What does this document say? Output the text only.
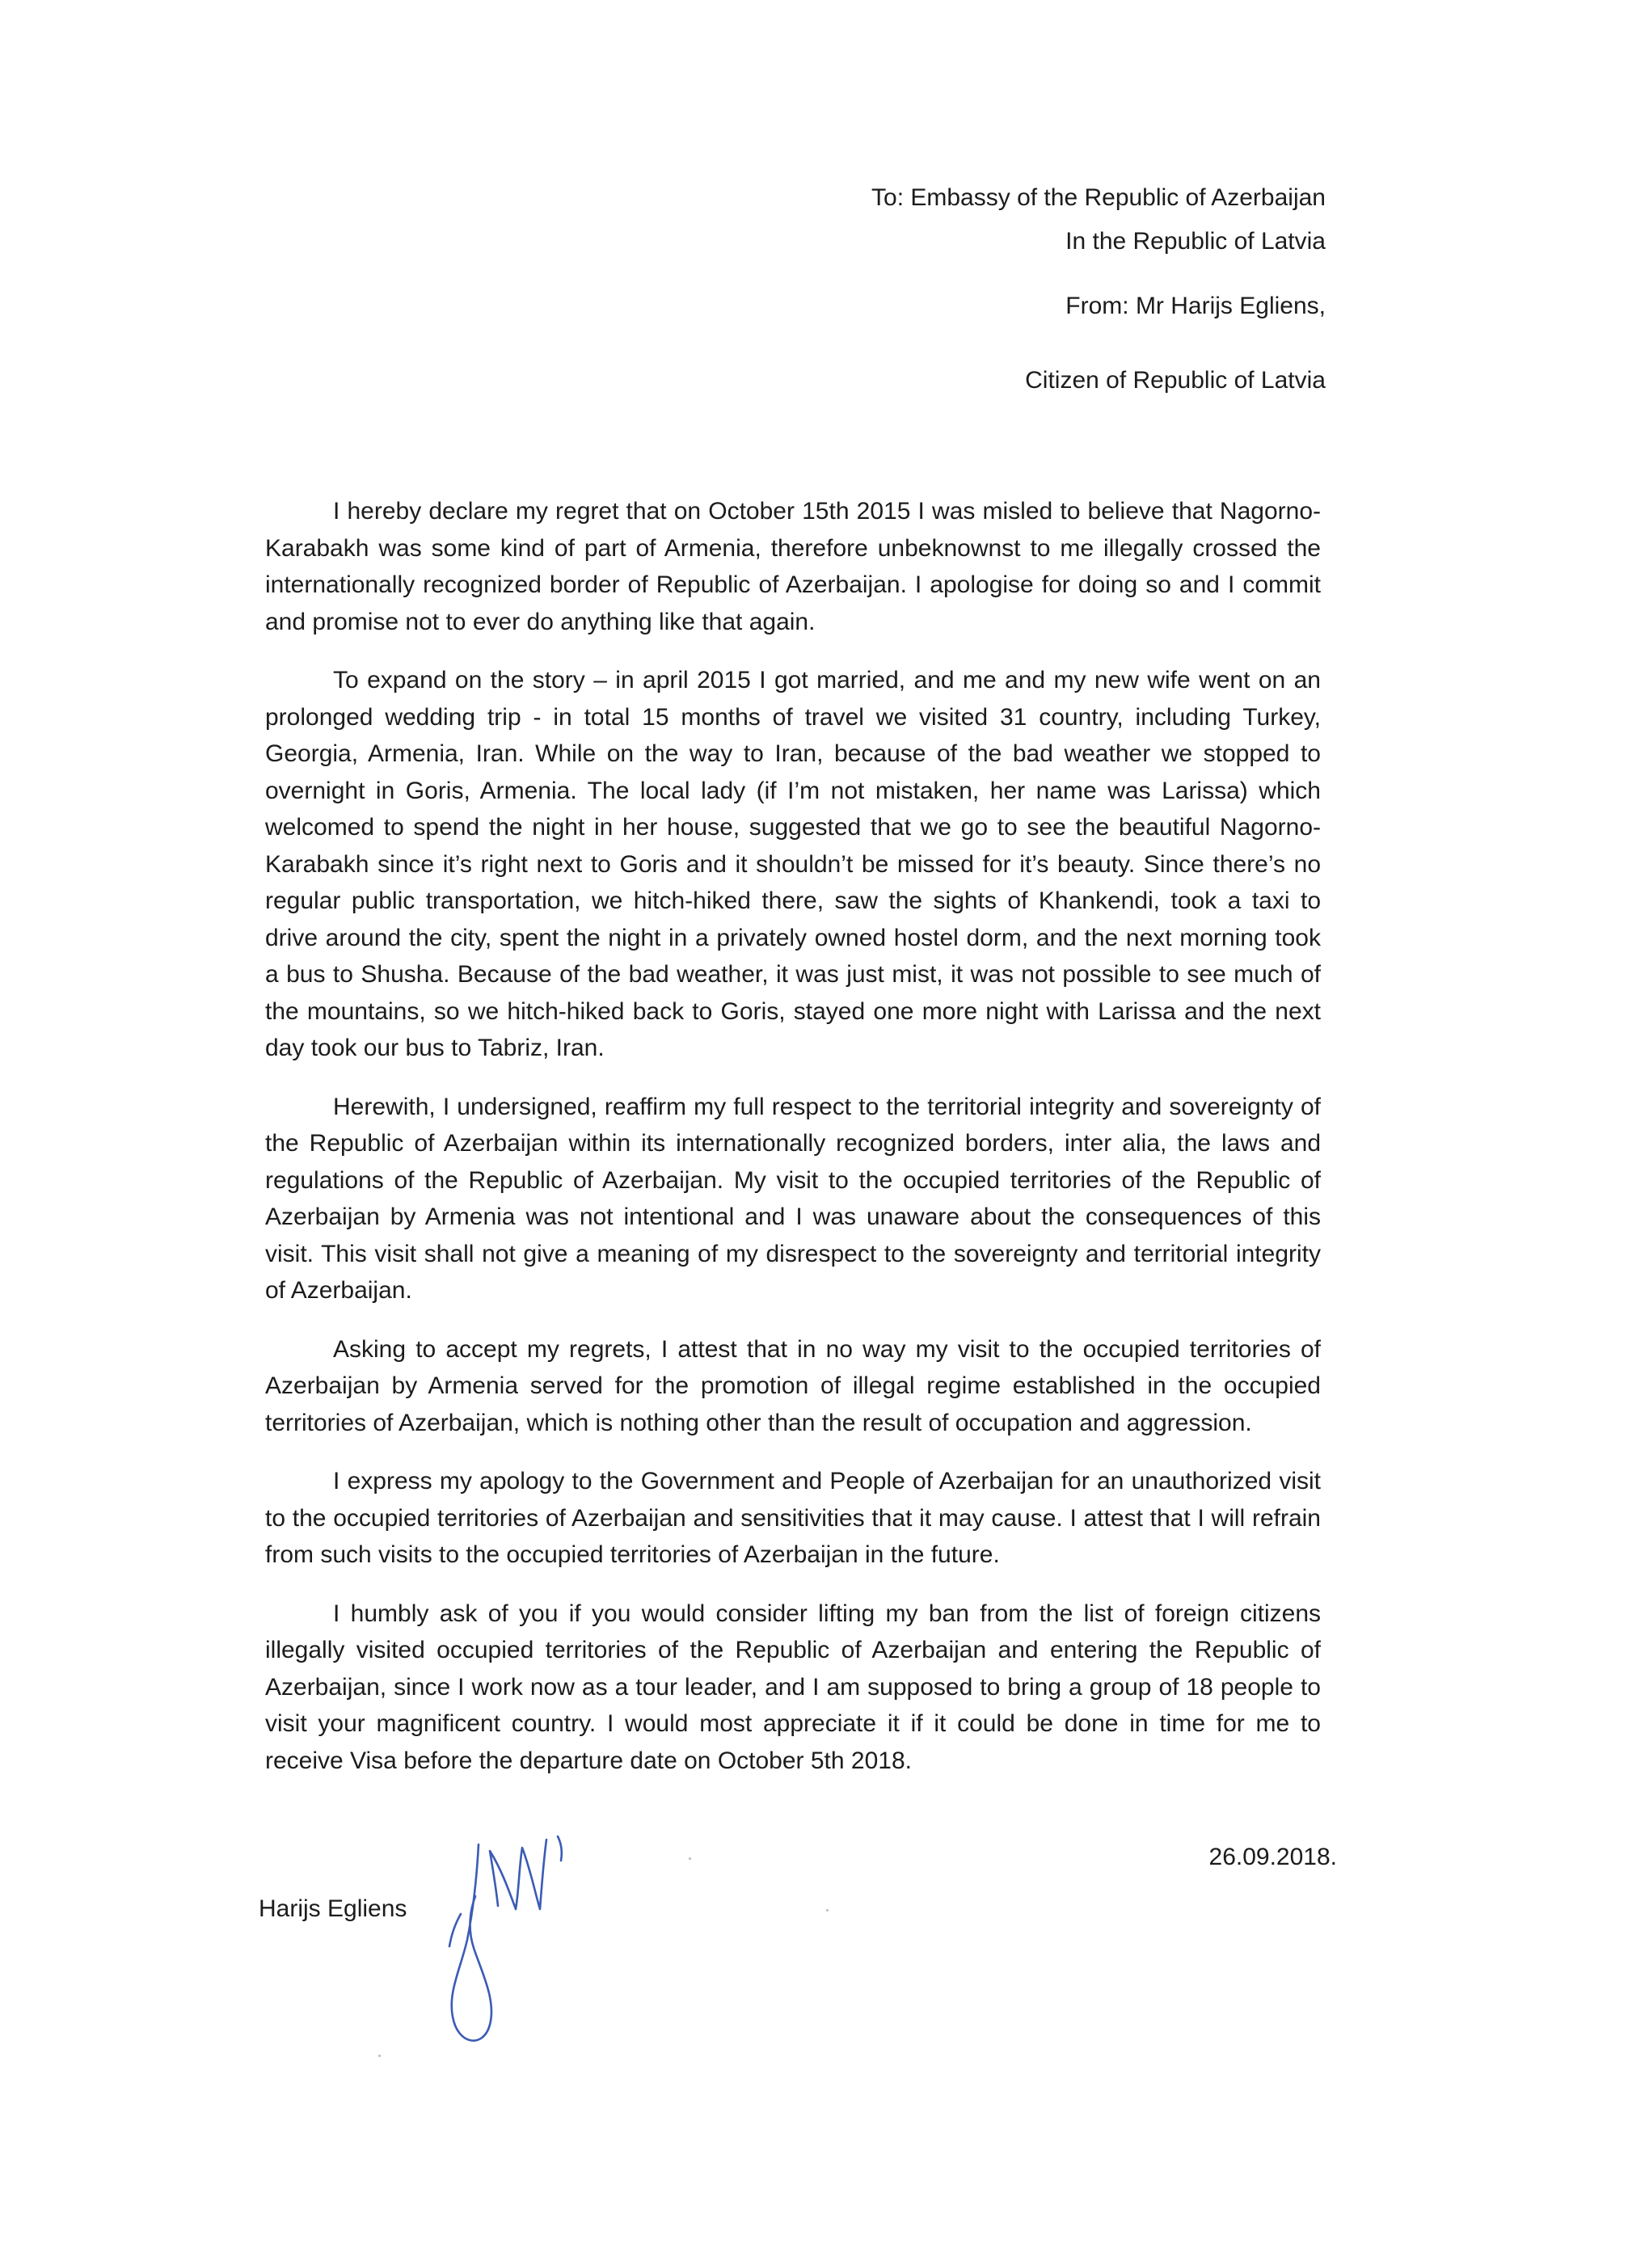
To: Embassy of the Republic of Azerbaijan
In the Republic of Latvia
From: Mr Harijs Egliens,
Citizen of Republic of Latvia

I hereby declare my regret that on October 15th 2015 I was misled to believe that Nagorno-Karabakh was some kind of part of Armenia, therefore unbeknownst to me illegally crossed the internationally recognized border of Republic of Azerbaijan. I apologise for doing so and I commit and promise not to ever do anything like that again.

To expand on the story – in april 2015 I got married, and me and my new wife went on an prolonged wedding trip - in total 15 months of travel we visited 31 country, including Turkey, Georgia, Armenia, Iran. While on the way to Iran, because of the bad weather we stopped to overnight in Goris, Armenia. The local lady (if I’m not mistaken, her name was Larissa) which welcomed to spend the night in her house, suggested that we go to see the beautiful Nagorno-Karabakh since it’s right next to Goris and it shouldn’t be missed for it’s beauty. Since there’s no regular public transportation, we hitch-hiked there, saw the sights of Khankendi, took a taxi to drive around the city, spent the night in a privately owned hostel dorm, and the next morning took a bus to Shusha. Because of the bad weather, it was just mist, it was not possible to see much of the mountains, so we hitch-hiked back to Goris, stayed one more night with Larissa and the next day took our bus to Tabriz, Iran.

Herewith, I undersigned, reaffirm my full respect to the territorial integrity and sovereignty of the Republic of Azerbaijan within its internationally recognized borders, inter alia, the laws and regulations of the Republic of Azerbaijan. My visit to the occupied territories of the Republic of Azerbaijan by Armenia was not intentional and I was unaware about the consequences of this visit. This visit shall not give a meaning of my disrespect to the sovereignty and territorial integrity of Azerbaijan.

Asking to accept my regrets, I attest that in no way my visit to the occupied territories of Azerbaijan by Armenia served for the promotion of illegal regime established in the occupied territories of Azerbaijan, which is nothing other than the result of occupation and aggression.

I express my apology to the Government and People of Azerbaijan for an unauthorized visit to the occupied territories of Azerbaijan and sensitivities that it may cause. I attest that I will refrain from such visits to the occupied territories of Azerbaijan in the future.

I humbly ask of you if you would consider lifting my ban from the list of foreign citizens illegally visited occupied territories of the Republic of Azerbaijan and entering the Republic of Azerbaijan, since I work now as a tour leader, and I am supposed to bring a group of 18 people to visit your magnificent country. I would most appreciate it if it could be done in time for me to receive Visa before the departure date on October 5th 2018.

26.09.2018.
Harijs Egliens
